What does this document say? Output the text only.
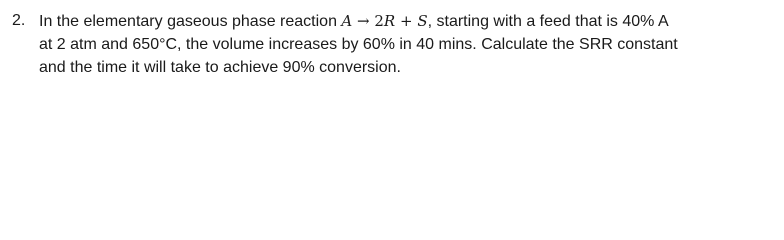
2. In the elementary gaseous phase reaction A → 2R + S, starting with a feed that is 40% A
at 2 atm and 650°C, the volume increases by 60% in 40 mins. Calculate the SRR constant
and the time it will take to achieve 90% conversion.
